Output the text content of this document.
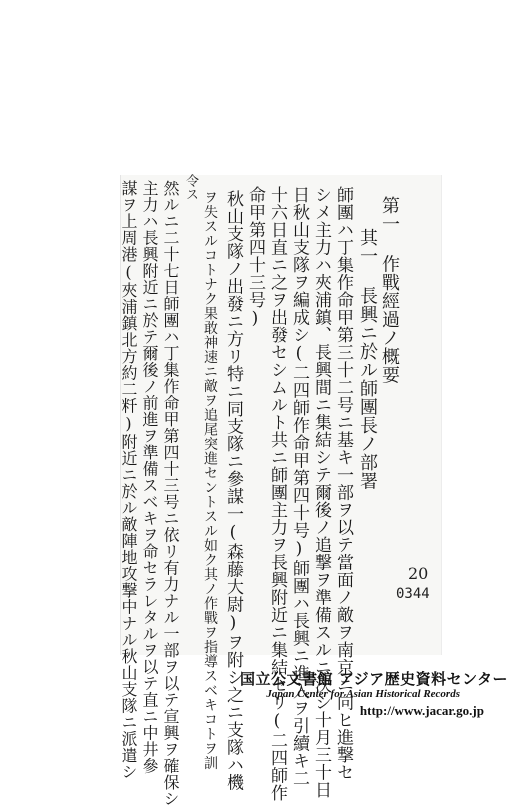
第一 作戰經過ノ概要
其一 長興ニ於ル師團長ノ部署
師團ハ丁集作命甲第三十二号ニ基キ一部ヲ以テ當面ノ敵ヲ南京ニ向ヒ進撃セ
シメ主力ハ夾浦鎮、長興間ニ集結シテ爾後ノ追撃ヲ準備スルニ決シ十月三十日
日秋山支隊ヲ編成シ(二四師作命甲第四十号)師團ハ長興ニ進入ヲ引續キ二
十六日直ニ之ヲ出發セシムルト共ニ師團主力ヲ長興附近ニ集結セリ(二四師作
命甲第四十三号)
秋山支隊ノ出發ニ方リ特ニ同支隊ニ參謀一(森藤大尉)ヲ附シ之ニ支隊ハ機
ヲ失スルコトナク果敢神速ニ敵ヲ追尾突進セントスル如ク其ノ作戰ヲ指導スベキコトヲ訓
令ス
然ルニ二十七日師團ハ丁集作命甲第四十三号ニ依リ有力ナル一部ヲ以テ宣興ヲ確保シ
主力ハ長興附近ニ於テ爾後ノ前進ヲ準備スベキヲ命セラレタルヲ以テ直ニ中井參
謀ヲ上周港(夾浦鎮北方約二粁)附近ニ於ル敵陣地攻撃中ナル秋山支隊ニ派遣シ	20
0344
国立公文書館 アジア歴史資料センター
Japan Center for Asian Historical Records
http://www.jacar.go.jp
